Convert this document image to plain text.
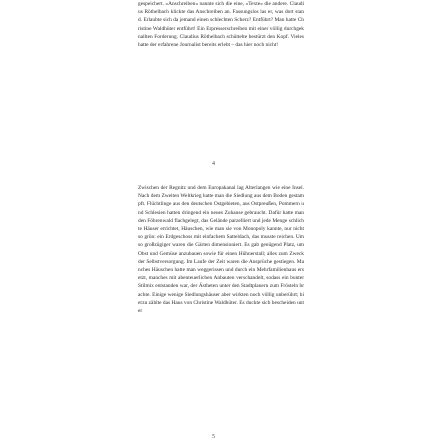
gespeichert. »Anschreiben« nannte sich die eine, »Texte« die andere. Claudius Röthelbach klickte das Anschreiben an. Fassungslos las er, was dort stand. Erlaubte sich da jemand einen schlechten Scherz? Entführt? Man hatte Christine Waldhüter entführt! Ein Erpresserschreiben mit einer völlig durchgeknallten Forderung. Claudius Röthelbach schüttelte bestürzt den Kopf. Vieles hatte der erfahrene Journalist bereits erlebt – das hier noch nicht!

4

Zwischen der Regnitz und dem Europakanal lag Alterlangen wie eine Insel. Nach dem Zweiten Weltkrieg hatte man die Siedlung aus dem Boden gestampft. Flüchtlinge aus den deutschen Ostgebieten, aus Ostpreußen, Pommern und Schlesien hatten dringend ein neues Zuhause gebraucht. Dafür hatte man den Föhrenwald flachgelegt, das Gelände parzelliert und jede Menge schlichte Häuser errichtet, Häuschen, wie man sie von Monopoly kannte, nur nicht so grün: ein Erdgeschoss mit einfachem Satteldach, das musste reichen. Umso großzügiger waren die Gärten dimensioniert. Es gab genügend Platz, um Obst und Gemüse anzubauen sowie für einen Hühnerstall; alles zum Zweck der Selbstversorgung. Im Laufe der Zeit waren die Ansprüche gestiegen. Manches Häuschen hatte man weggerissen und durch ein Mehrfamilienhaus ersetzt, manches mit abenteuerlichen Anbauten verschandelt, sodass ein bunter Stilmix entstanden war, der Ästheten unter den Stadtplanern zum Frösteln brachte. Einige wenige Siedlungshäuser aber wirkten noch völlig unberührt; hierzu zählte das Haus von Christine Waldhüter. Es duckte sich bescheiden unter

5
